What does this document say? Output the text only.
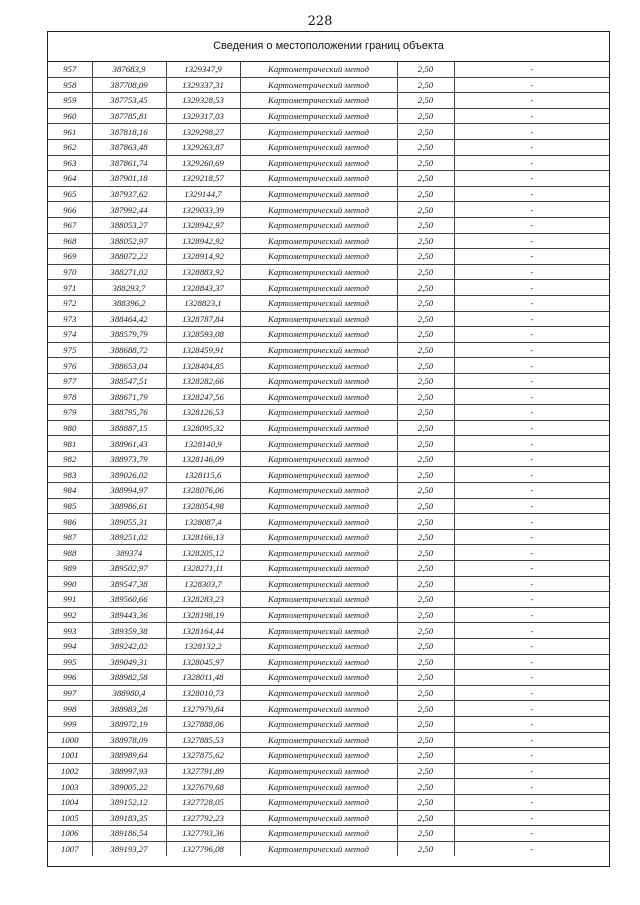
228
Сведения о местоположении границ объекта
957	387683,9	1329347,9	Картометрический метод	2,50	-
958	387708,09	1329337,31	Картометрический метод	2,50	-
959	387753,45	1329328,53	Картометрический метод	2,50	-
960	387785,81	1329317,03	Картометрический метод	2,50	-
961	387818,16	1329298,27	Картометрический метод	2,50	-
962	387863,48	1329263,87	Картометрический метод	2,50	-
963	387861,74	1329260,69	Картометрический метод	2,50	-
964	387901,18	1329218,57	Картометрический метод	2,50	-
965	387937,62	1329144,7	Картометрический метод	2,50	-
966	387992,44	1329033,39	Картометрический метод	2,50	-
967	388053,27	1328942,97	Картометрический метод	2,50	-
968	388052,97	1328942,92	Картометрический метод	2,50	-
969	388072,22	1328914,92	Картометрический метод	2,50	-
970	388271,02	1328883,92	Картометрический метод	2,50	-
971	388293,7	1328843,37	Картометрический метод	2,50	-
972	388396,2	1328823,1	Картометрический метод	2,50	-
973	388464,42	1328787,84	Картометрический метод	2,50	-
974	388579,79	1328593,08	Картометрический метод	2,50	-
975	388688,72	1328459,91	Картометрический метод	2,50	-
976	388653,04	1328404,85	Картометрический метод	2,50	-
977	388547,51	1328282,66	Картометрический метод	2,50	-
978	388671,79	1328247,56	Картометрический метод	2,50	-
979	388795,76	1328126,53	Картометрический метод	2,50	-
980	388887,15	1328095,32	Картометрический метод	2,50	-
981	388961,43	1328140,9	Картометрический метод	2,50	-
982	388973,79	1328146,09	Картометрический метод	2,50	-
983	389026,02	1328115,6	Картометрический метод	2,50	-
984	388994,97	1328076,06	Картометрический метод	2,50	-
985	388986,61	1328054,98	Картометрический метод	2,50	-
986	389055,31	1328087,4	Картометрический метод	2,50	-
987	389251,02	1328166,13	Картометрический метод	2,50	-
988	389374	1328205,12	Картометрический метод	2,50	-
989	389502,97	1328271,11	Картометрический метод	2,50	-
990	389547,38	1328303,7	Картометрический метод	2,50	-
991	389560,66	1328283,23	Картометрический метод	2,50	-
992	389443,36	1328198,19	Картометрический метод	2,50	-
993	389359,38	1328164,44	Картометрический метод	2,50	-
994	389242,02	1328132,2	Картометрический метод	2,50	-
995	389049,31	1328045,97	Картометрический метод	2,50	-
996	388982,58	1328011,48	Картометрический метод	2,50	-
997	388980,4	1328010,73	Картометрический метод	2,50	-
998	388983,28	1327979,84	Картометрический метод	2,50	-
999	388972,19	1327888,06	Картометрический метод	2,50	-
1000	388978,09	1327885,53	Картометрический метод	2,50	-
1001	388989,64	1327875,62	Картометрический метод	2,50	-
1002	388997,93	1327791,89	Картометрический метод	2,50	-
1003	389005,22	1327679,68	Картометрический метод	2,50	-
1004	389152,12	1327728,05	Картометрический метод	2,50	-
1005	389183,35	1327792,23	Картометрический метод	2,50	-
1006	389186,54	1327793,36	Картометрический метод	2,50	-
1007	389193,27	1327796,08	Картометрический метод	2,50	-
